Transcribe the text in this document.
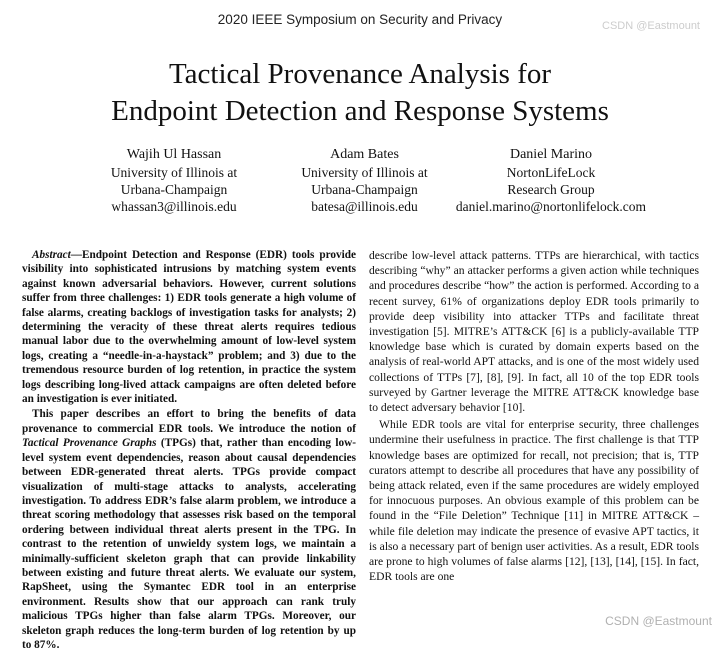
2020 IEEE Symposium on Security and Privacy
Tactical Provenance Analysis for
Endpoint Detection and Response Systems
Wajih Ul Hassan
University of Illinois at
Urbana-Champaign
whassan3@illinois.edu
Adam Bates
University of Illinois at
Urbana-Champaign
batesa@illinois.edu
Daniel Marino
NortonLifeLock
Research Group
daniel.marino@nortonlifelock.com

Abstract—Endpoint Detection and Response (EDR) tools provide visibility into sophisticated intrusions by matching system events against known adversarial behaviors. However, current solutions suffer from three challenges: 1) EDR tools generate a high volume of false alarms, creating backlogs of investigation tasks for analysts; 2) determining the veracity of these threat alerts requires tedious manual labor due to the overwhelming amount of low-level system logs, creating a “needle-in-a-haystack” problem; and 3) due to the tremendous resource burden of log retention, in practice the system logs describing long-lived attack campaigns are often deleted before an investigation is ever initiated.

This paper describes an effort to bring the benefits of data provenance to commercial EDR tools. We introduce the notion of Tactical Provenance Graphs (TPGs) that, rather than encoding low-level system event dependencies, reason about causal dependencies between EDR-generated threat alerts. TPGs provide compact visualization of multi-stage attacks to analysts, accelerating investigation. To address EDR’s false alarm problem, we introduce a threat scoring methodology that assesses risk based on the temporal ordering between individual threat alerts present in the TPG. In contrast to the retention of unwieldy system logs, we maintain a minimally-sufficient skeleton graph that can provide linkability between existing and future threat alerts. We evaluate our system, RapSheet, using the Symantec EDR tool in an enterprise environment. Results show that our approach can rank truly malicious TPGs higher than false alarm TPGs. Moreover, our skeleton graph reduces the long-term burden of log retention by up to 87%.

describe low-level attack patterns. TTPs are hierarchical, with tactics describing “why” an attacker performs a given action while techniques and procedures describe “how” the action is performed. According to a recent survey, 61% of organizations deploy EDR tools primarily to provide deep visibility into attacker TTPs and facilitate threat investigation [5]. MITRE’s ATT&CK [6] is a publicly-available TTP knowledge base which is curated by domain experts based on the analysis of real-world APT attacks, and is one of the most widely used collections of TTPs [7], [8], [9]. In fact, all 10 of the top EDR tools surveyed by Gartner leverage the MITRE ATT&CK knowledge base to detect adversary behavior [10].

While EDR tools are vital for enterprise security, three challenges undermine their usefulness in practice. The first challenge is that TTP knowledge bases are optimized for recall, not precision; that is, TTP curators attempt to describe all procedures that have any possibility of being attack related, even if the same procedures are widely employed for innocuous purposes. An obvious example of this problem can be found in the “File Deletion” Technique [11] in MITRE ATT&CK – while file deletion may indicate the presence of evasive APT tactics, it is also a necessary part of benign user activities. As a result, EDR tools are prone to high volumes of false alarms [12], [13], [14], [15]. In fact, EDR tools are one

CSDN @Eastmount
CSDN @Eastmount
